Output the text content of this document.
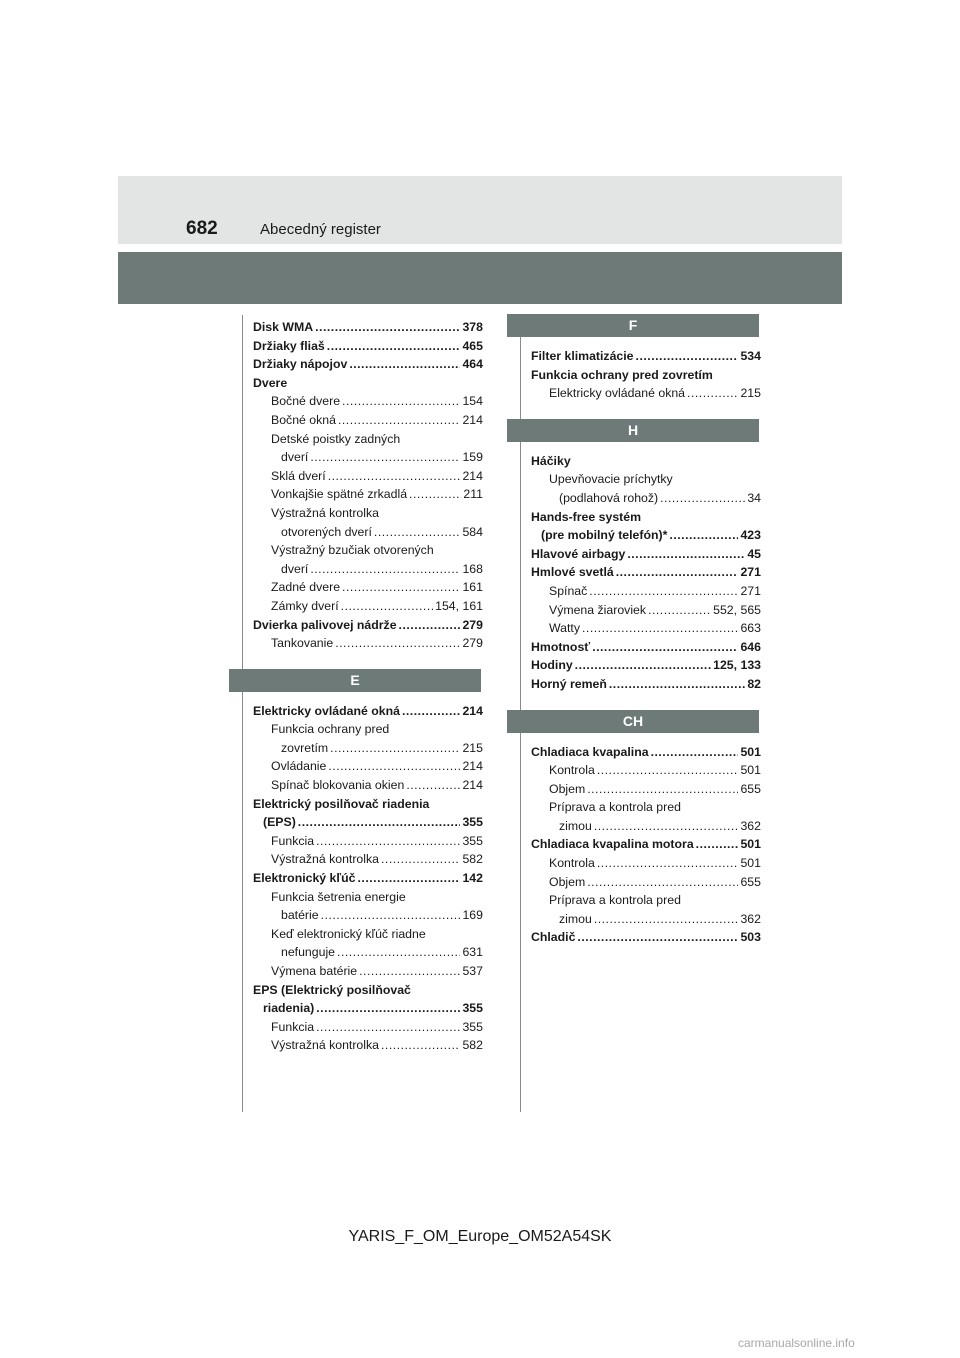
682	Abecedný register
Disk WMA .....	378
Držiaky fliaš .....	465
Držiaky nápojov .....	464
Dvere
Bočné dvere .....	154
Bočné okná .....	214
Detské poistky zadných
dverí .....	159
Sklá dverí .....	214
Vonkajšie spätné zrkadlá .....	211
Výstražná kontrolka
otvorených dverí .....	584
Výstražný bzučiak otvorených
dverí .....	168
Zadné dvere .....	161
Zámky dverí .....	154, 161
Dvierka palivovej nádrže .....	279
Tankovanie .....	279
E
Elektricky ovládané okná .....	214
Funkcia ochrany pred
zovretím .....	215
Ovládanie .....	214
Spínač blokovania okien .....	214
Elektrický posilňovač riadenia
(EPS) .....	355
Funkcia .....	355
Výstražná kontrolka .....	582
Elektronický kľúč .....	142
Funkcia šetrenia energie
batérie .....	169
Keď elektronický kľúč riadne
nefunguje .....	631
Výmena batérie .....	537
EPS (Elektrický posilňovač
riadenia) .....	355
Funkcia .....	355
Výstražná kontrolka .....	582
F
Filter klimatizácie .....	534
Funkcia ochrany pred zovretím
Elektricky ovládané okná .....	215
H
Háčiky
Upevňovacie príchytky
(podlahová rohož) .....	34
Hands-free systém
(pre mobilný telefón)* .....	423
Hlavové airbagy .....	45
Hmlové svetlá .....	271
Spínač .....	271
Výmena žiaroviek .....	552, 565
Watty .....	663
Hmotnosť .....	646
Hodiny .....	125, 133
Horný remeň .....	82
CH
Chladiaca kvapalina .....	501
Kontrola .....	501
Objem .....	655
Príprava a kontrola pred
zimou .....	362
Chladiaca kvapalina motora .....	501
Kontrola .....	501
Objem .....	655
Príprava a kontrola pred
zimou .....	362
Chladič .....	503
YARIS_F_OM_Europe_OM52A54SK
carmanualsonline.info
